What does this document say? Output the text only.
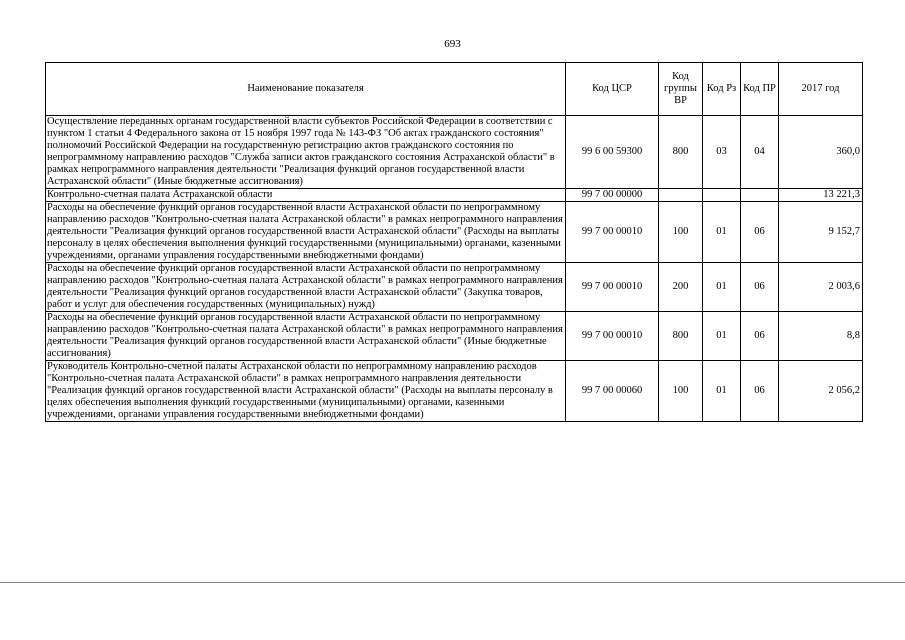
693
Наименование показателя	Код ЦСР	Код группы ВР	Код Рз	Код ПР	2017 год
Осуществление переданных органам государственной власти субъектов Российской Федерации в соответствии с пунктом 1 статьи 4 Федерального закона от 15 ноября 1997 года № 143-ФЗ "Об актах гражданского состояния" полномочий Российской Федерации на государственную регистрацию актов гражданского состояния по непрограммному направлению расходов "Служба записи актов гражданского состояния Астраханской области" в рамках непрограммного направления деятельности "Реализация функций органов государственной власти Астраханской области" (Иные бюджетные ассигнования)	99 6 00 59300	800	03	04	360,0
Контрольно-счетная палата Астраханской области	99 7 00 00000				13 221,3
Расходы на обеспечение функций органов государственной власти Астраханской области по непрограммному направлению расходов "Контрольно-счетная палата Астраханской области" в рамках непрограммного направления деятельности "Реализация функций органов государственной власти Астраханской области" (Расходы на выплаты персоналу в целях обеспечения выполнения функций государственными (муниципальными) органами, казенными учреждениями, органами управления государственными внебюджетными фондами)	99 7 00 00010	100	01	06	9 152,7
Расходы на обеспечение функций органов государственной власти Астраханской области по непрограммному направлению расходов "Контрольно-счетная палата Астраханской области" в рамках непрограммного направления деятельности "Реализация функций органов государственной власти Астраханской области" (Закупка товаров, работ и услуг для обеспечения государственных (муниципальных) нужд)	99 7 00 00010	200	01	06	2 003,6
Расходы на обеспечение функций органов государственной власти Астраханской области по непрограммному направлению расходов "Контрольно-счетная палата Астраханской области" в рамках непрограммного направления деятельности "Реализация функций органов государственной власти Астраханской области" (Иные бюджетные ассигнования)	99 7 00 00010	800	01	06	8,8
Руководитель Контрольно-счетной палаты Астраханской области по непрограммному направлению расходов "Контрольно-счетная палата Астраханской области" в рамках непрограммного направления деятельности "Реализация функций органов государственной власти Астраханской области" (Расходы на выплаты персоналу в целях обеспечения выполнения функций государственными (муниципальными) органами, казенными учреждениями, органами управления государственными внебюджетными фондами)	99 7 00 00060	100	01	06	2 056,2
